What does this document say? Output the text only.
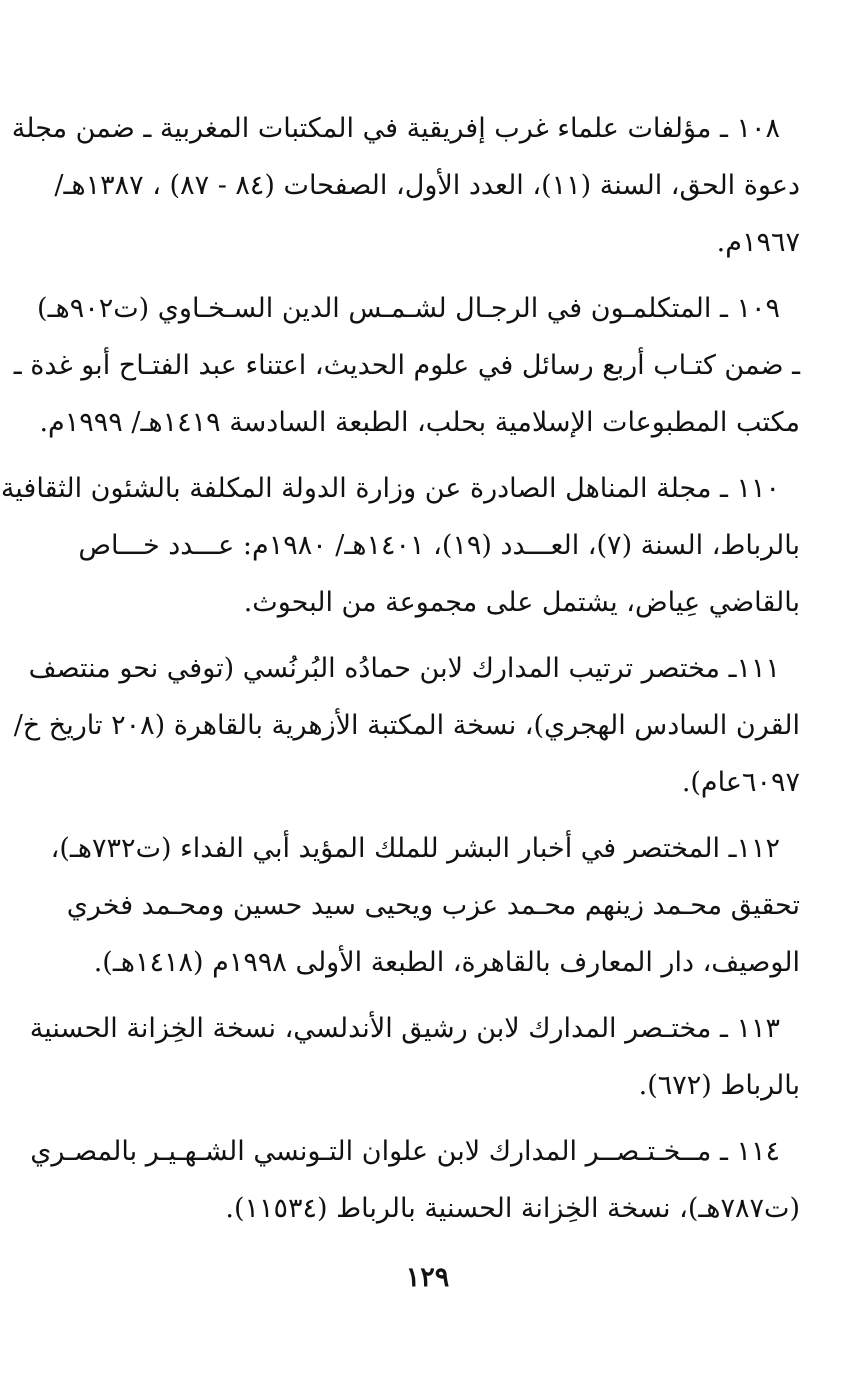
١٠٨ ـ مؤلفات علماء غرب إفريقية في المكتبات المغربية ـ ضمن مجلة
دعوة الحق، السنة (١١)، العدد الأول، الصفحات (٨٤ - ٨٧) ، ١٣٨٧هـ/
١٩٦٧م.
١٠٩ ـ المتكلمـون في الرجـال لشـمـس الدين السـخـاوي (ت٩٠٢هـ)
ـ ضمن كتـاب أربع رسائل في علوم الحديث، اعتناء عبد الفتـاح أبو غدة ـ
مكتب المطبوعات الإسلامية بحلب، الطبعة السادسة ١٤١٩هـ/ ١٩٩٩م.
١١٠ ـ مجلة المناهل الصادرة عن وزارة الدولة المكلفة بالشئون الثقافية
بالرباط، السنة (٧)، العـــدد (١٩)، ١٤٠١هـ/ ١٩٨٠م: عـــدد خـــاص
بالقاضي عِياض، يشتمل على مجموعة من البحوث.
١١١ـ مختصر ترتيب المدارك لابن حمادُه البُرنُسي (توفي نحو منتصف
القرن السادس الهجري)، نسخة المكتبة الأزهرية بالقاهرة (٢٠٨ تاريخ خ/
٦٠٩٧عام).
١١٢ـ المختصر في أخبار البشر للملك المؤيد أبي الفداء (ت٧٣٢هـ)،
تحقيق محـمد زينهم محـمد عزب ويحيى سيد حسين ومحـمد فخري
الوصيف، دار المعارف بالقاهرة، الطبعة الأولى ١٩٩٨م (١٤١٨هـ).
١١٣ ـ مختـصر المدارك لابن رشيق الأندلسي، نسخة الخِزانة الحسنية
بالرباط (٦٧٢).
١١٤ ـ مــخـتـصــر المدارك لابن علوان التـونسي الشـهـيـر بالمصـري
(ت٧٨٧هـ)، نسخة الخِزانة الحسنية بالرباط (١١٥٣٤).
١٢٩
